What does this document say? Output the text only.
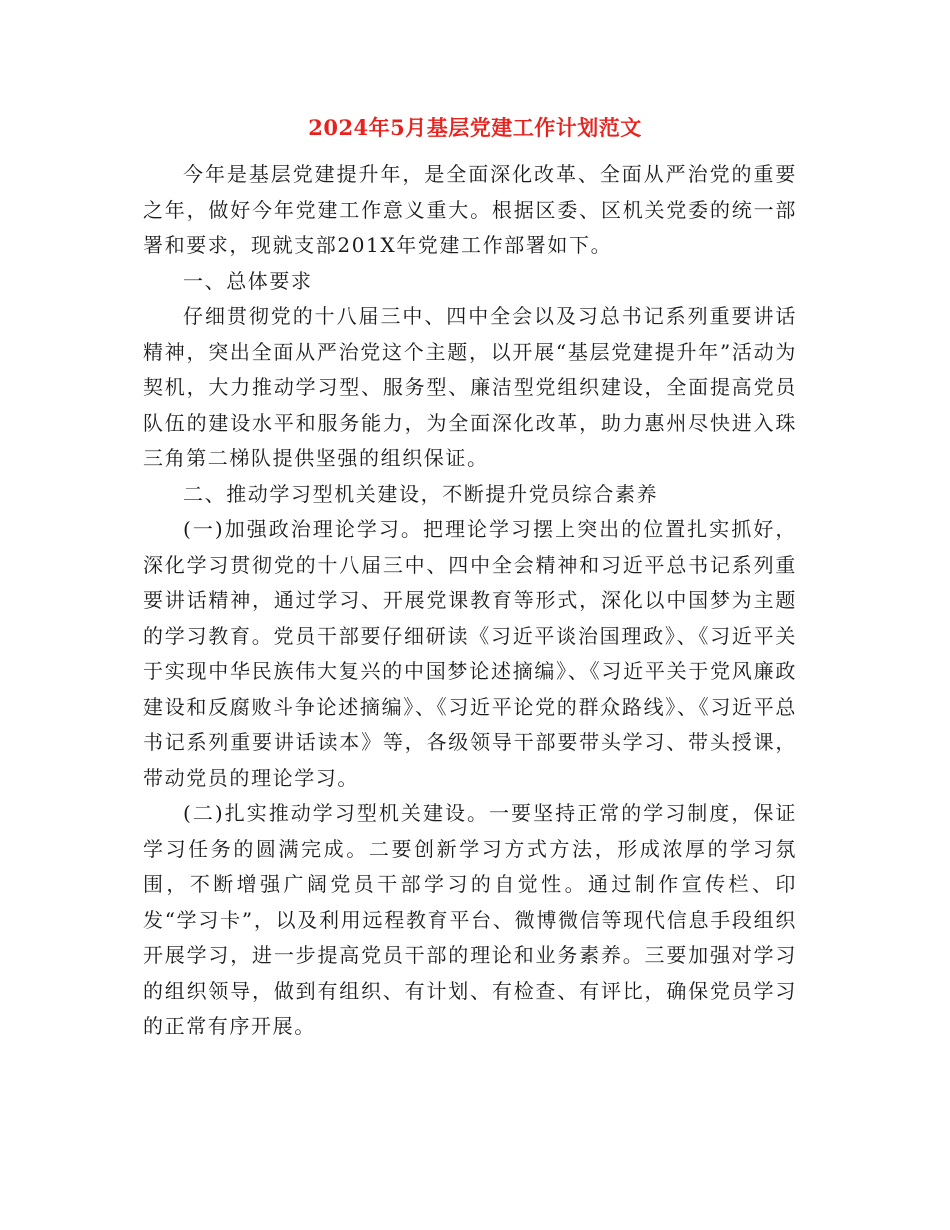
2024年5月基层党建工作计划范文

今年是基层党建提升年，是全面深化改革、全面从严治党的重要之年，做好今年党建工作意义重大。根据区委、区机关党委的统一部署和要求，现就支部201X年党建工作部署如下。

一、总体要求

仔细贯彻党的十八届三中、四中全会以及习总书记系列重要讲话精神，突出全面从严治党这个主题，以开展“基层党建提升年”活动为契机，大力推动学习型、服务型、廉洁型党组织建设，全面提高党员队伍的建设水平和服务能力，为全面深化改革，助力惠州尽快进入珠三角第二梯队提供坚强的组织保证。

二、推动学习型机关建设，不断提升党员综合素养

(一)加强政治理论学习。把理论学习摆上突出的位置扎实抓好，深化学习贯彻党的十八届三中、四中全会精神和习近平总书记系列重要讲话精神，通过学习、开展党课教育等形式，深化以中国梦为主题的学习教育。党员干部要仔细研读《习近平谈治国理政》、《习近平关于实现中华民族伟大复兴的中国梦论述摘编》、《习近平关于党风廉政建设和反腐败斗争论述摘编》、《习近平论党的群众路线》、《习近平总书记系列重要讲话读本》等，各级领导干部要带头学习、带头授课，带动党员的理论学习。

(二)扎实推动学习型机关建设。一要坚持正常的学习制度，保证学习任务的圆满完成。二要创新学习方式方法，形成浓厚的学习氛围，不断增强广阔党员干部学习的自觉性。通过制作宣传栏、印发“学习卡”，以及利用远程教育平台、微博微信等现代信息手段组织开展学习，进一步提高党员干部的理论和业务素养。三要加强对学习的组织领导，做到有组织、有计划、有检查、有评比，确保党员学习的正常有序开展。
